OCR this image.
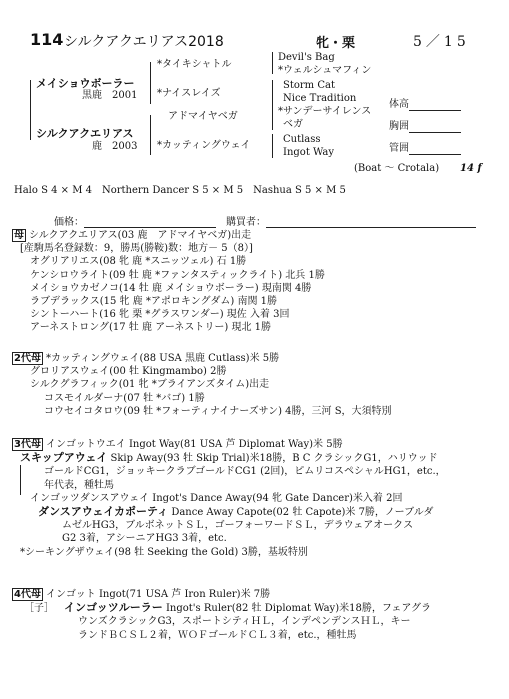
114 シルクアクエリアス2018	牝・栗	5／15
メイショウボーラー
黒鹿　2001
*タイキシャトル
*ナイスレイズ
Devil's Bag
*ウェルシュマフィン
Storm Cat
Nice Tradition
シルクアクエリアス
鹿　2003
アドマイヤベガ
*カッティングウェイ
*サンデーサイレンス
ベガ
Cutlass
Ingot Way
(Boat ～ Crotala) 14 f
体高
胸囲
管囲
Halo S 4 × M 4　Northern Dancer S 5 × M 5　Nashua S 5 × M 5
価格：	購買者：
母 シルクアクエリアス(03 鹿　アドマイヤベガ)出走
[産駒馬名登録数：9，勝馬(勝鞍)数：地方－ 5（8）]
オグリアリエス(08 牝 鹿 *スニッツェル) 石 1勝
ケンシロウライト(09 牡 鹿 *ファンタスティックライト) 北兵 1勝
メイショウカゼノコ(14 牡 鹿 メイショウボーラー) 現南関 4勝
ラブデラックス(15 牝 鹿 *アポロキングダム) 南関 1勝
シントーハート(16 牝 栗 *グラスワンダー) 現佐 入着 3回
アーネストロング(17 牡 鹿 アーネストリー) 現北 1勝
2代母 *カッティングウェイ(88 USA 黒鹿 Cutlass)米 5勝
グロリアスウェイ(00 牡 Kingmambo) 2勝
シルクグラフィック(01 牝 *ブライアンズタイム)出走
コスモイルダーナ(07 牡 *バゴ) 1勝
コウセイコタロウ(09 牡 *フォーティナイナーズサン) 4勝，三河 S，大須特別
3代母 インゴットウエイ Ingot Way(81 USA 芦 Diplomat Way)米 5勝
スキップアウェイ Skip Away(93 牡 Skip Trial)米18勝，B C クラシックG1，ハリウッド
ゴールドCG1，ジョッキークラブゴールドCG1 (2回)，ピムリコスペシャルHG1，etc.，
年代表，種牡馬
インゴッツダンスアウェイ Ingot's Dance Away(94 牝 Gate Dancer)米入着 2回
ダンスアウェイカポーティ Dance Away Capote(02 牡 Capote)米 7勝，ノーブルダ
ムゼルHG3，ブルボネットＳＬ，ゴーフォーワードＳＬ，デラウェアオークス
G2 3着，アシーニアHG3 3着，etc.
*シーキングザウェイ(98 牡 Seeking the Gold) 3勝，基坂特別
4代母 インゴット Ingot(71 USA 芦 Iron Ruler)米 7勝
［子］ インゴッツルーラー Ingot's Ruler(82 牡 Diplomat Way)米18勝，フェアグラ
ウンズクラシックG3，スポートシティＨＬ，インデペンデンスＨＬ，キー
ランドＢＣＳＬ２着，ＷＯＦゴールドＣＬ３着，etc.，種牡馬
